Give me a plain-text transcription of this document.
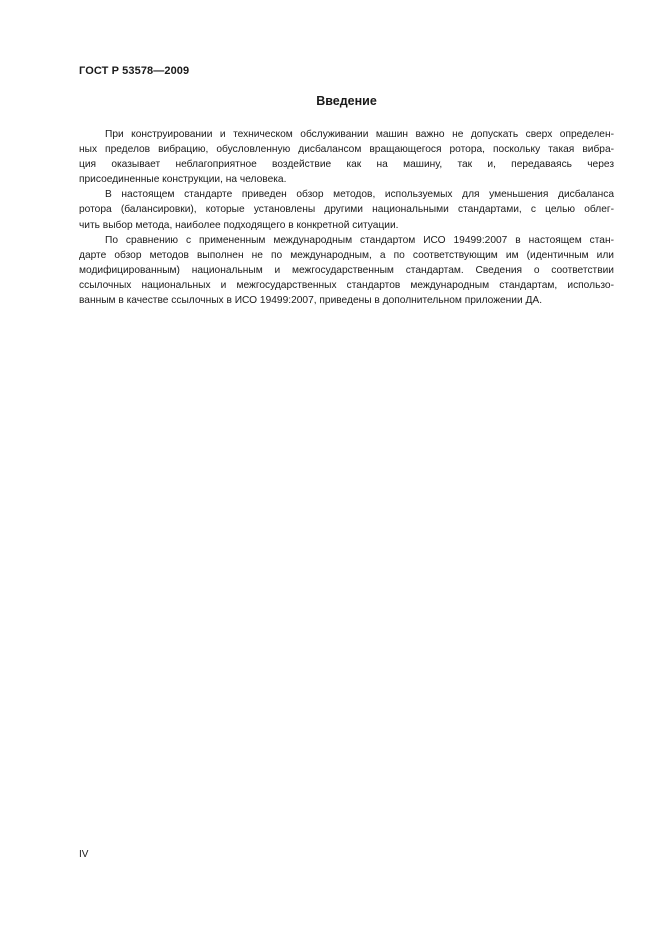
ГОСТ Р 53578—2009
Введение
При конструировании и техническом обслуживании машин важно не допускать сверх определен-
ных пределов вибрацию, обусловленную дисбалансом вращающегося ротора, поскольку такая вибра-
ция оказывает неблагоприятное воздействие как на машину, так и, передаваясь через
присоединенные конструкции, на человека.
В настоящем стандарте приведен обзор методов, используемых для уменьшения дисбаланса
ротора (балансировки), которые установлены другими национальными стандартами, с целью облег-
чить выбор метода, наиболее подходящего в конкретной ситуации.
По сравнению с примененным международным стандартом ИСО 19499:2007 в настоящем стан-
дарте обзор методов выполнен не по международным, а по соответствующим им (идентичным или
модифицированным) национальным и межгосударственным стандартам. Сведения о соответствии
ссылочных национальных и межгосударственных стандартов международным стандартам, использо-
ванным в качестве ссылочных в ИСО 19499:2007, приведены в дополнительном приложении ДА.
IV
